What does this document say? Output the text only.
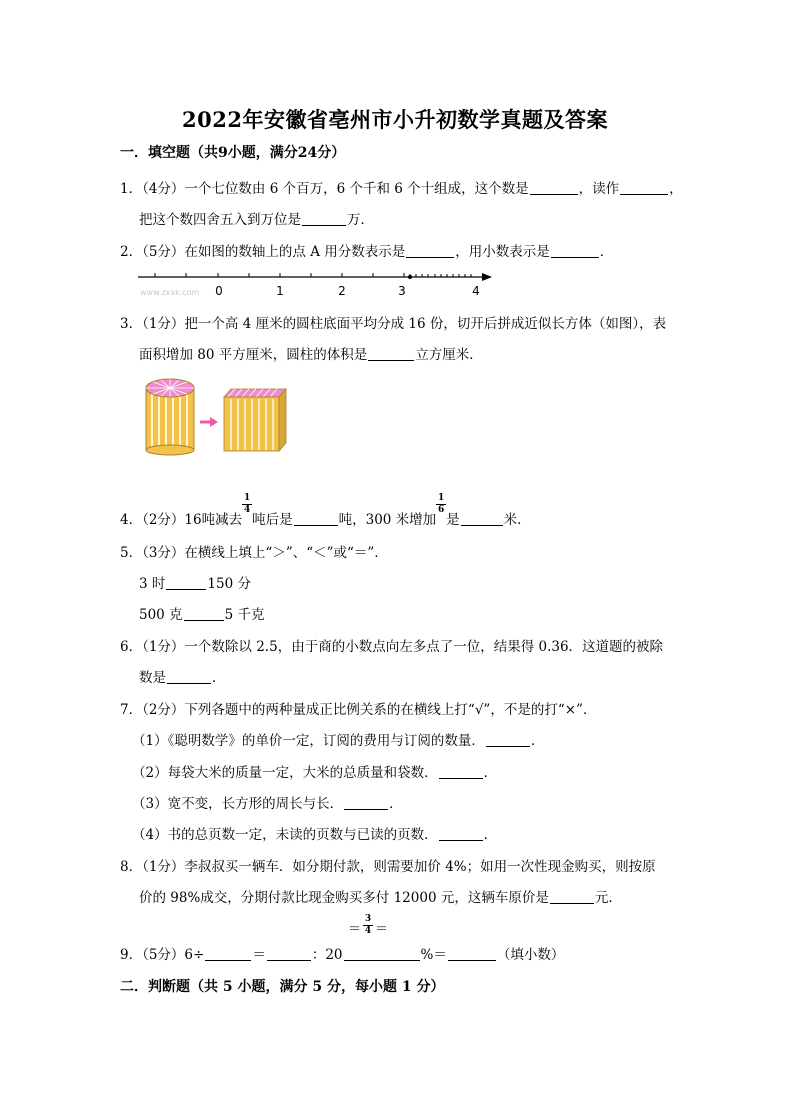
2022年安徽省亳州市小升初数学真题及答案
一．填空题（共9小题，满分24分）
1．（4分）一个七位数由 6 个百万，6 个千和 6 个十组成，这个数是	，读作	，
把这个数四舍五入到万位是	万．
2．（5分）在如图的数轴上的点 A 用分数表示是	，用小数表示是	．
www.zxxk.com 0	1	2	3	4
3．（1分）把一个高 4 厘米的圆柱底面平均分成 16 份，切开后拼成近似长方体（如图），表
面积增加 80 平方厘米，圆柱的体积是	立方厘米．
4．（2分）16吨减去 $\frac{1}{4}$ 吨后是	吨，300 米增加 $\frac{1}{6}$ 是	米．
5．（3分）在横线上填上“＞”、“＜”或“＝”．
3 时	150 分
500 克	5 千克
6．（1分）一个数除以 2.5，由于商的小数点向左多点了一位，结果得 0.36．这道题的被除
数是	．
7．（2分）下列各题中的两种量成正比例关系的在横线上打“√”，不是的打“×”．
（1）《聪明数学》的单价一定，订阅的费用与订阅的数量．	．
（2）每袋大米的质量一定，大米的总质量和袋数．	．
（3）宽不变，长方形的周长与长．	．
（4）书的总页数一定，未读的页数与已读的页数．	．
8．（1分）李叔叔买一辆车．如分期付款，则需要加价 4%；如用一次性现金购买，则按原
价的 98%成交，分期付款比现金购买多付 12000 元，这辆车原价是	元．
＝ $\frac{3}{4}$ ＝
9．（5分）6÷	＝	：20	%＝	（填小数）
二．判断题（共 5 小题，满分 5 分，每小题 1 分）
